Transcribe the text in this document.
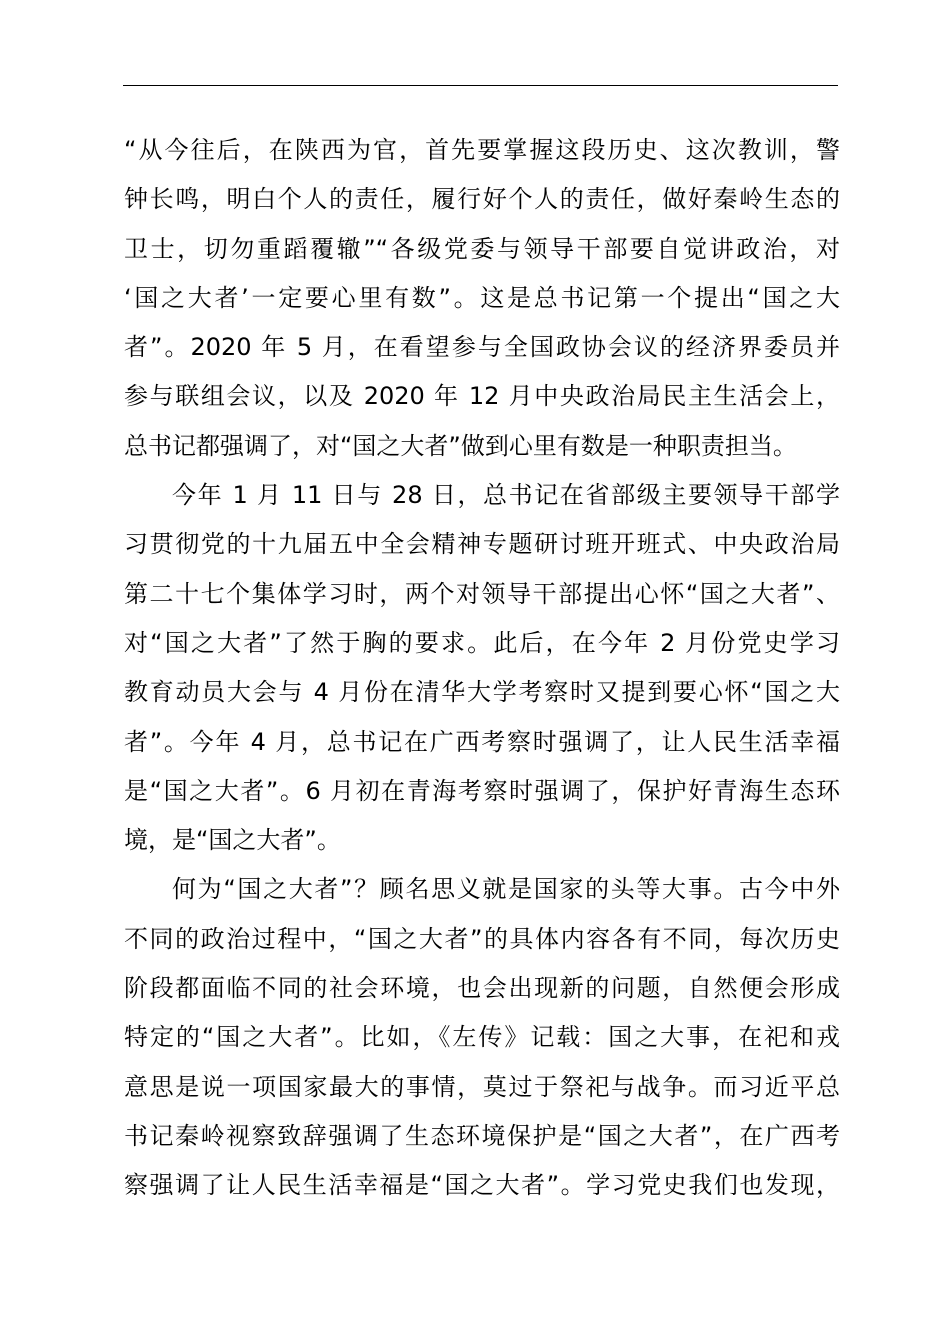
“从今往后，在陕西为官，首先要掌握这段历史、这次教训，警
钟长鸣，明白个人的责任，履行好个人的责任，做好秦岭生态的
卫士，切勿重蹈覆辙”“各级党委与领导干部要自觉讲政治，对
‘国之大者’一定要心里有数”。这是总书记第一个提出“国之大
者”。2020 年 5 月，在看望参与全国政协会议的经济界委员并
参与联组会议，以及 2020 年 12 月中央政治局民主生活会上，
总书记都强调了，对“国之大者”做到心里有数是一种职责担当。
今年 1 月 11 日与 28 日，总书记在省部级主要领导干部学
习贯彻党的十九届五中全会精神专题研讨班开班式、中央政治局
第二十七个集体学习时，两个对领导干部提出心怀“国之大者”、
对“国之大者”了然于胸的要求。此后，在今年 2 月份党史学习
教育动员大会与 4 月份在清华大学考察时又提到要心怀“国之大
者”。今年 4 月，总书记在广西考察时强调了，让人民生活幸福
是“国之大者”。6 月初在青海考察时强调了，保护好青海生态环
境，是“国之大者”。
何为“国之大者”？顾名思义就是国家的头等大事。古今中外
不同的政治过程中，“国之大者”的具体内容各有不同，每次历史
阶段都面临不同的社会环境，也会出现新的问题，自然便会形成
特定的“国之大者”。比如，《左传》记载：国之大事，在祀和戎
意思是说一项国家最大的事情，莫过于祭祀与战争。而习近平总
书记秦岭视察致辞强调了生态环境保护是“国之大者”，在广西考
察强调了让人民生活幸福是“国之大者”。学习党史我们也发现，
